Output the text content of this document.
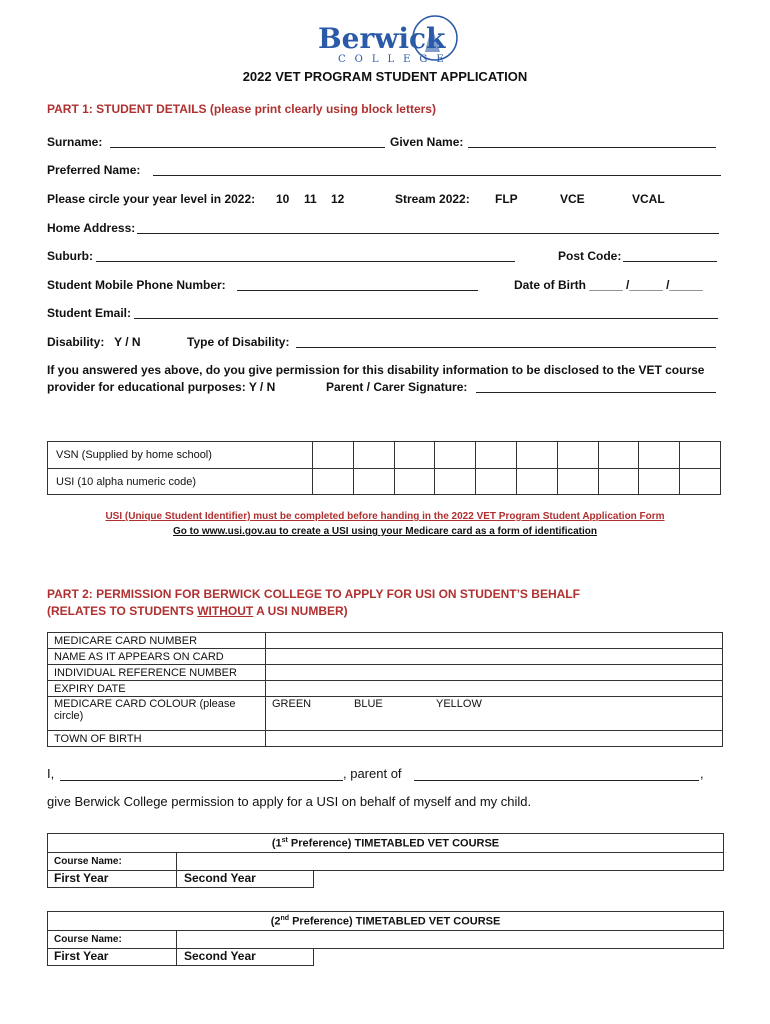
Berwick
COLLEGE
2022 VET PROGRAM STUDENT APPLICATION
PART 1: STUDENT DETAILS (please print clearly using block letters)
Surname:	Given Name:
Preferred Name:
Please circle your year level in 2022: 10 11 12	Stream 2022: FLP	VCE	VCAL
Home Address:
Suburb:	Post Code:
Student Mobile Phone Number:	Date of Birth _____ /_____ /_____
Student Email:
Disability:   Y / N	Type of Disability:
If you answered yes above, do you give permission for this disability information to be disclosed to the VET course
provider for educational purposes: Y / N	Parent / Carer Signature:
VSN (Supplied by home school)										
USI (10 alpha numeric code)										
USI (Unique Student Identifier) must be completed before handing in the 2022 VET Program Student Application Form
Go to www.usi.gov.au to create a USI using your Medicare card as a form of identification
PART 2: PERMISSION FOR BERWICK COLLEGE TO APPLY FOR USI ON STUDENT’S BEHALF
(RELATES TO STUDENTS WITHOUT A USI NUMBER)
MEDICARE CARD NUMBER	
NAME AS IT APPEARS ON CARD	
INDIVIDUAL REFERENCE NUMBER	
EXPIRY DATE	
MEDICARE CARD COLOUR (please circle)	GREEN BLUE YELLOW

TOWN OF BIRTH	
I,	, parent of	,
give Berwick College permission to apply for a USI on behalf of myself and my child.
(1st Preference) TIMETABLED VET COURSE
Course Name:
First Year	Second Year
(2nd Preference) TIMETABLED VET COURSE
Course Name:
First Year	Second Year
